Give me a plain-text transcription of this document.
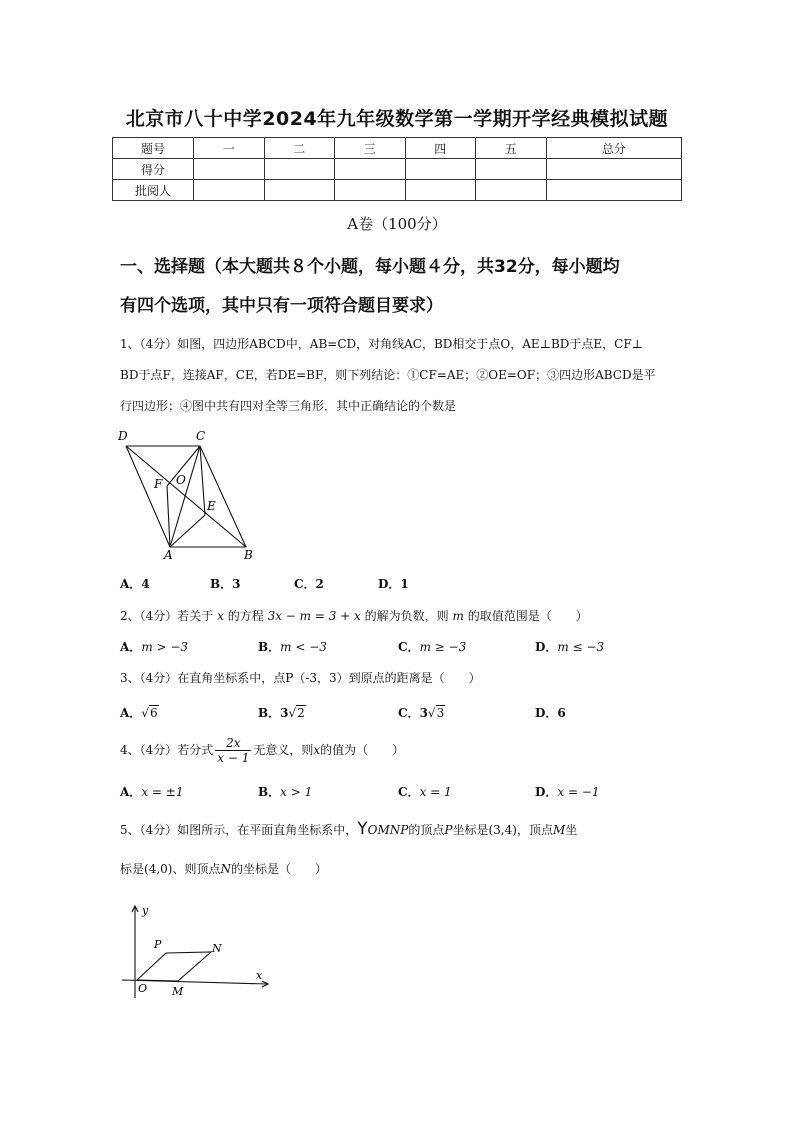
北京市八十中学2024年九年级数学第一学期开学经典模拟试题
题号	一	二	三	四	五	总分
得分						
批阅人						
A卷（100分）
一、选择题（本大题共８个小题，每小题４分，共32分，每小题均
有四个选项，其中只有一项符合题目要求）
1、（4分）如图，四边形ABCD中，AB=CD，对角线AC，BD相交于点O，AE⊥BD于点E，CF⊥
BD于点F，连接AF，CE，若DE=BF，则下列结论：①CF=AE；②OE=OF；③四边形ABCD是平
行四边形；④图中共有四对全等三角形．其中正确结论的个数是
D	C
F O
E
A	B
A．4	B．3	C．2	D．1
2、（4分）若关于 x 的方程 3x − m = 3 + x 的解为负数，则 m 的取值范围是（　　）
A．m > −3	B．m < −3	C．m ≥ −3	D．m ≤ −3
3、（4分）在直角坐标系中，点P（-3，3）到原点的距离是（　　）
A．√6	B．3√2	C．3√3	D．6
4、（4分）若分式 $\frac{2x}{x - 1}$ 无意义，则x的值为（　　）
A．x = ±1	B．x > 1	C．x = 1	D．x = −1
5、（4分）如图所示，在平面直角坐标系中，YOMNP的顶点P坐标是(3,4)，顶点M坐
标是(4,0)、则顶点N的坐标是（　　）
y
x
O
P	N
M
